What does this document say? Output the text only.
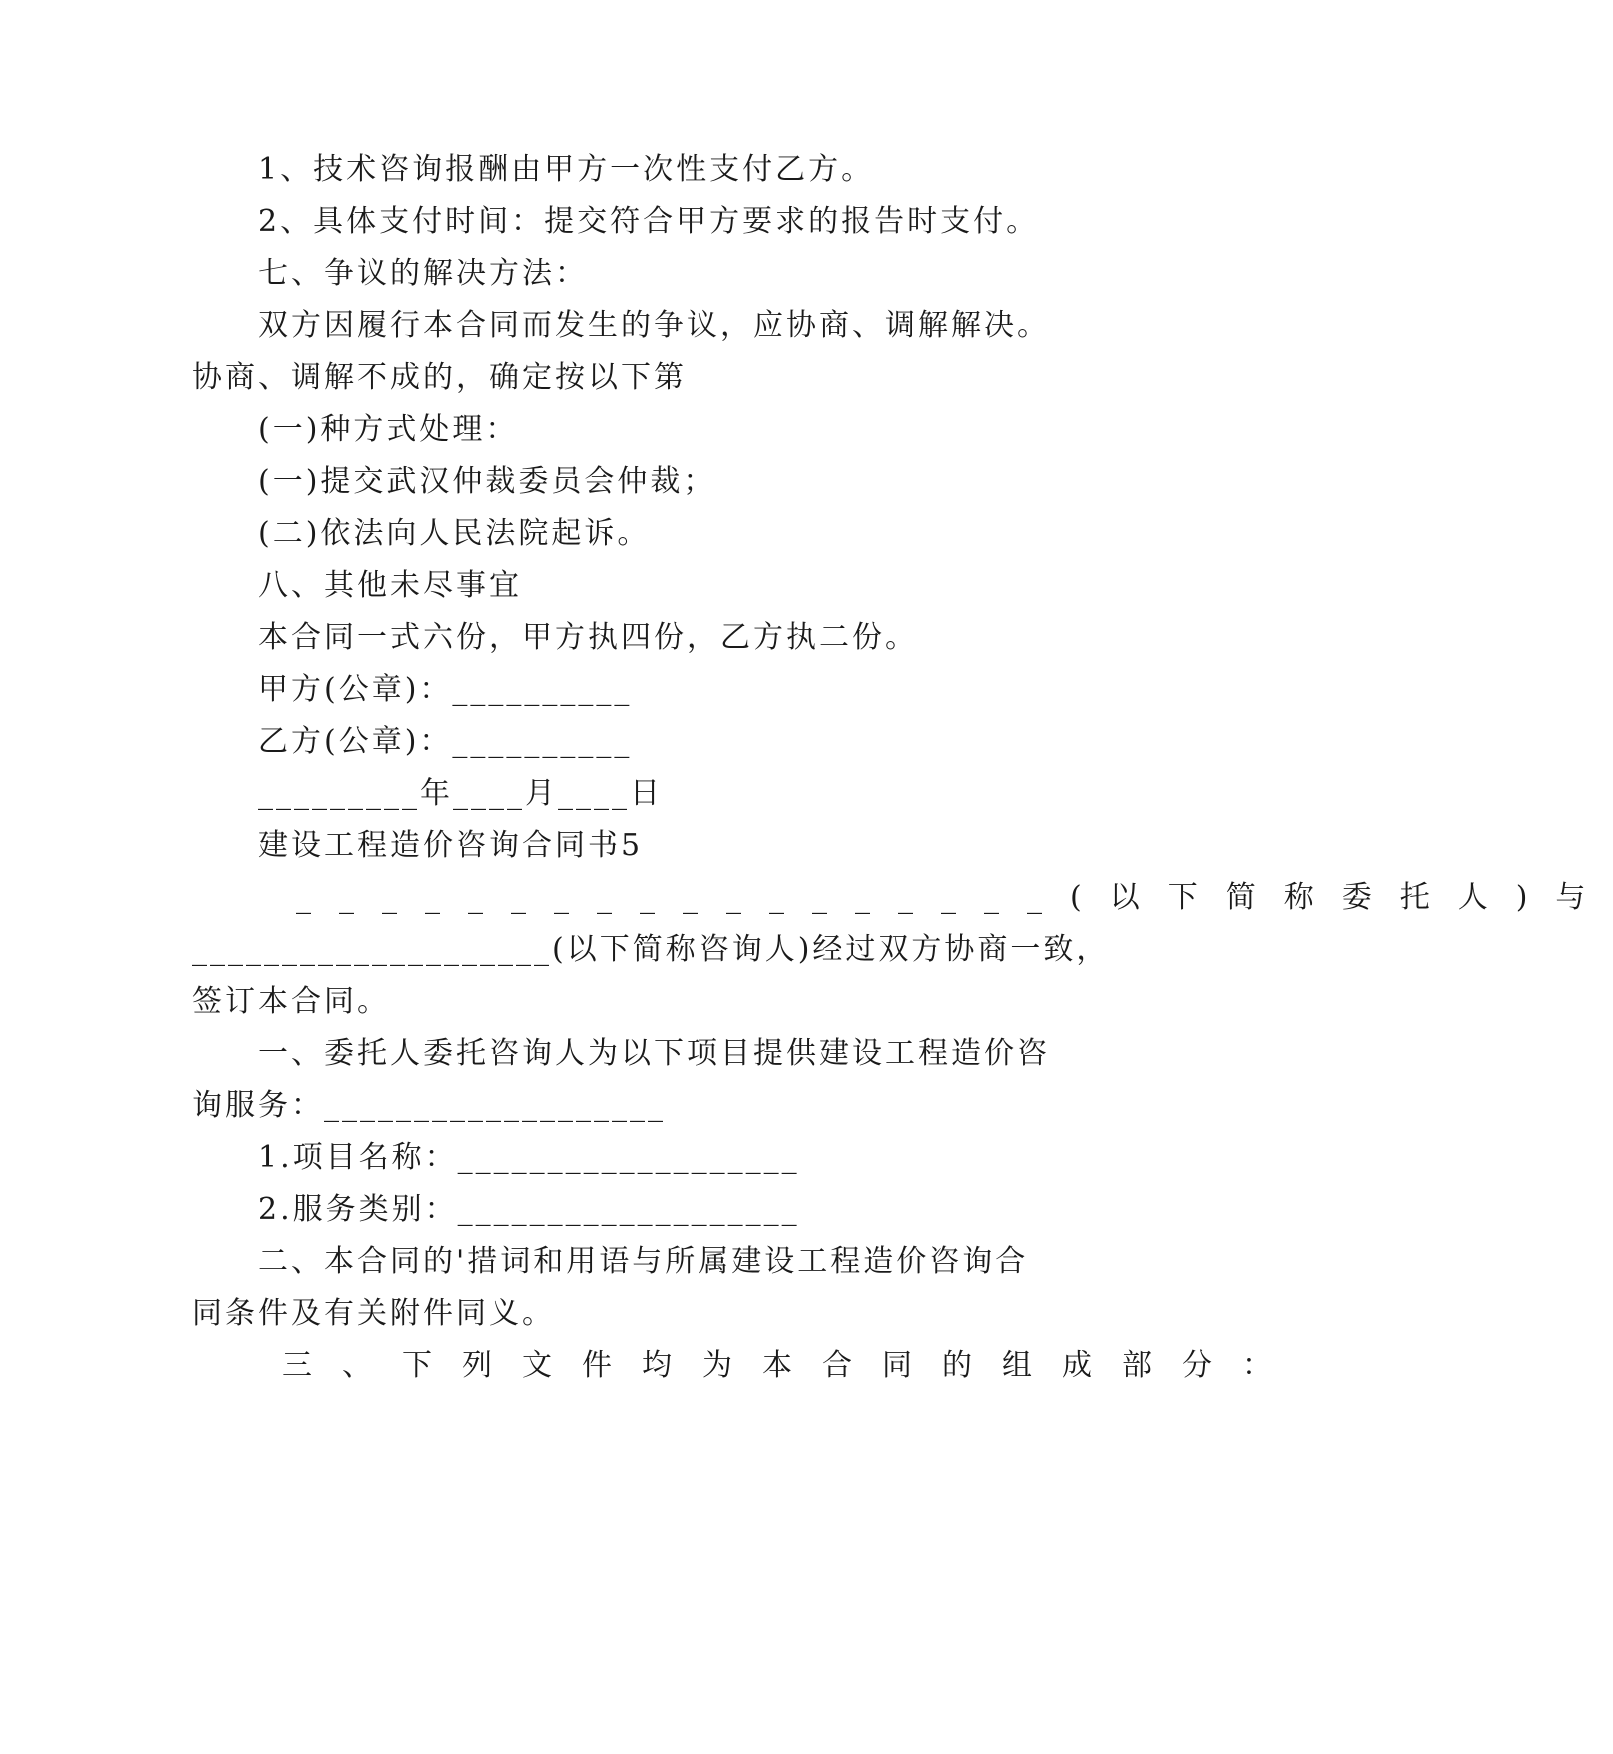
1、技术咨询报酬由甲方一次性支付乙方。
2、具体支付时间：提交符合甲方要求的报告时支付。
七、争议的解决方法：
双方因履行本合同而发生的争议，应协商、调解解决。
协商、调解不成的，确定按以下第
(一)种方式处理：
(一)提交武汉仲裁委员会仲裁；
(二)依法向人民法院起诉。
八、其他未尽事宜
本合同一式六份，甲方执四份，乙方执二份。
甲方(公章)：__________
乙方(公章)：__________
_________年____月____日
建设工程造价咨询合同书5
__________________(以下简称委托人)与
____________________(以下简称咨询人)经过双方协商一致，
签订本合同。
一、委托人委托咨询人为以下项目提供建设工程造价咨
询服务：___________________
1.项目名称：___________________
2.服务类别：___________________
二、本合同的'措词和用语与所属建设工程造价咨询合
同条件及有关附件同义。
三、下列文件均为本合同的组成部分：
